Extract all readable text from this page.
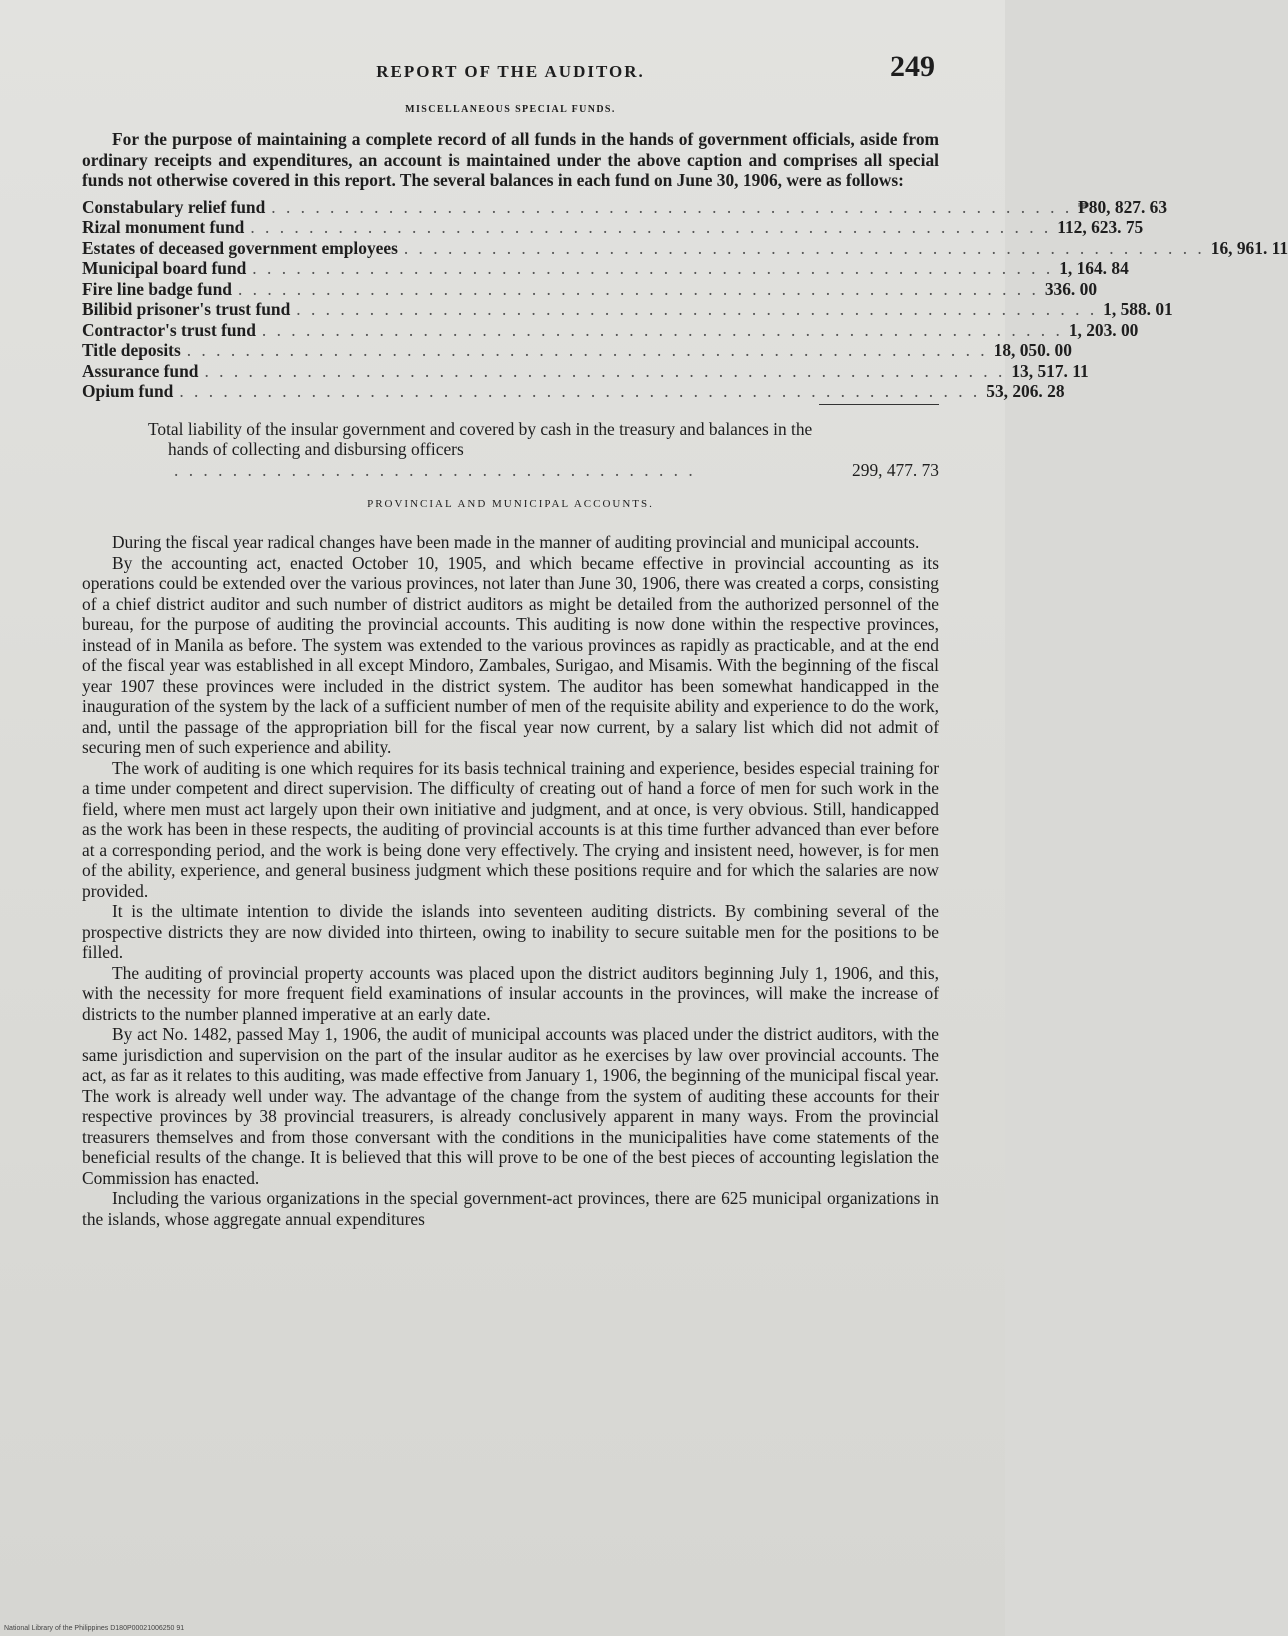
REPORT OF THE AUDITOR.	249
MISCELLANEOUS SPECIAL FUNDS.

For the purpose of maintaining a complete record of all funds in the hands of government officials, aside from ordinary receipts and expenditures, an account is maintained under the above caption and comprises all special funds not otherwise covered in this report. The several balances in each fund on June 30, 1906, were as follows:

Constabulary relief fund . . . . . . . . . . . . . . . . . . . . . . . . . . . . . . . . . . . . . . . . . . . . . . . . . . . . . . . ₱80, 827. 63
Rizal monument fund . . . . . . . . . . . . . . . . . . . . . . . . . . . . . . . . . . . . . . . . . . . . . . . . . . . . . . . 112, 623. 75
Estates of deceased government employees . . . . . . . . . . . . . . . . . . . . . . . . . . . . . . . . . . . . . . . . . . . . . . . . . . . . . . . 16, 961. 11
Municipal board fund . . . . . . . . . . . . . . . . . . . . . . . . . . . . . . . . . . . . . . . . . . . . . . . . . . . . . . . 1, 164. 84
Fire line badge fund . . . . . . . . . . . . . . . . . . . . . . . . . . . . . . . . . . . . . . . . . . . . . . . . . . . . . . . 336. 00
Bilibid prisoner's trust fund . . . . . . . . . . . . . . . . . . . . . . . . . . . . . . . . . . . . . . . . . . . . . . . . . . . . . . . 1, 588. 01
Contractor's trust fund . . . . . . . . . . . . . . . . . . . . . . . . . . . . . . . . . . . . . . . . . . . . . . . . . . . . . . . 1, 203. 00
Title deposits . . . . . . . . . . . . . . . . . . . . . . . . . . . . . . . . . . . . . . . . . . . . . . . . . . . . . . . 18, 050. 00
Assurance fund . . . . . . . . . . . . . . . . . . . . . . . . . . . . . . . . . . . . . . . . . . . . . . . . . . . . . . . 13, 517. 11
Opium fund . . . . . . . . . . . . . . . . . . . . . . . . . . . . . . . . . . . . . . . . . . . . . . . . . . . . . . . 53, 206. 28
Total liability of the insular government and covered by cash in the treasury and balances in the hands of collecting and disbursing officers . . . . . . . . . . . . . . . . . . . . . . . . . . . . . . . . . . . .	299, 477. 73
PROVINCIAL AND MUNICIPAL ACCOUNTS.

During the fiscal year radical changes have been made in the manner of auditing provincial and municipal accounts.

By the accounting act, enacted October 10, 1905, and which became effective in provincial accounting as its operations could be extended over the various provinces, not later than June 30, 1906, there was created a corps, consisting of a chief district auditor and such number of district auditors as might be detailed from the authorized personnel of the bureau, for the purpose of auditing the provincial accounts. This auditing is now done within the respective provinces, instead of in Manila as before. The system was extended to the various provinces as rapidly as practicable, and at the end of the fiscal year was established in all except Mindoro, Zambales, Surigao, and Misamis. With the beginning of the fiscal year 1907 these provinces were included in the district system. The auditor has been somewhat handicapped in the inauguration of the system by the lack of a sufficient number of men of the requisite ability and experience to do the work, and, until the passage of the appropriation bill for the fiscal year now current, by a salary list which did not admit of securing men of such experience and ability.

The work of auditing is one which requires for its basis technical training and experience, besides especial training for a time under competent and direct supervision. The difficulty of creating out of hand a force of men for such work in the field, where men must act largely upon their own initiative and judgment, and at once, is very obvious. Still, handicapped as the work has been in these respects, the auditing of provincial accounts is at this time further advanced than ever before at a corresponding period, and the work is being done very effectively. The crying and insistent need, however, is for men of the ability, experience, and general business judgment which these positions require and for which the salaries are now provided.

It is the ultimate intention to divide the islands into seventeen auditing districts. By combining several of the prospective districts they are now divided into thirteen, owing to inability to secure suitable men for the positions to be filled.

The auditing of provincial property accounts was placed upon the district auditors beginning July 1, 1906, and this, with the necessity for more frequent field examinations of insular accounts in the provinces, will make the increase of districts to the number planned imperative at an early date.

By act No. 1482, passed May 1, 1906, the audit of municipal accounts was placed under the district auditors, with the same jurisdiction and supervision on the part of the insular auditor as he exercises by law over provincial accounts. The act, as far as it relates to this auditing, was made effective from January 1, 1906, the beginning of the municipal fiscal year. The work is already well under way. The advantage of the change from the system of auditing these accounts for their respective provinces by 38 provincial treasurers, is already conclusively apparent in many ways. From the provincial treasurers themselves and from those conversant with the conditions in the municipalities have come statements of the beneficial results of the change. It is believed that this will prove to be one of the best pieces of accounting legislation the Commission has enacted.

Including the various organizations in the special government-act provinces, there are 625 municipal organizations in the islands, whose aggregate annual expenditures

National Library of the Philippines D180P00021006250 91
